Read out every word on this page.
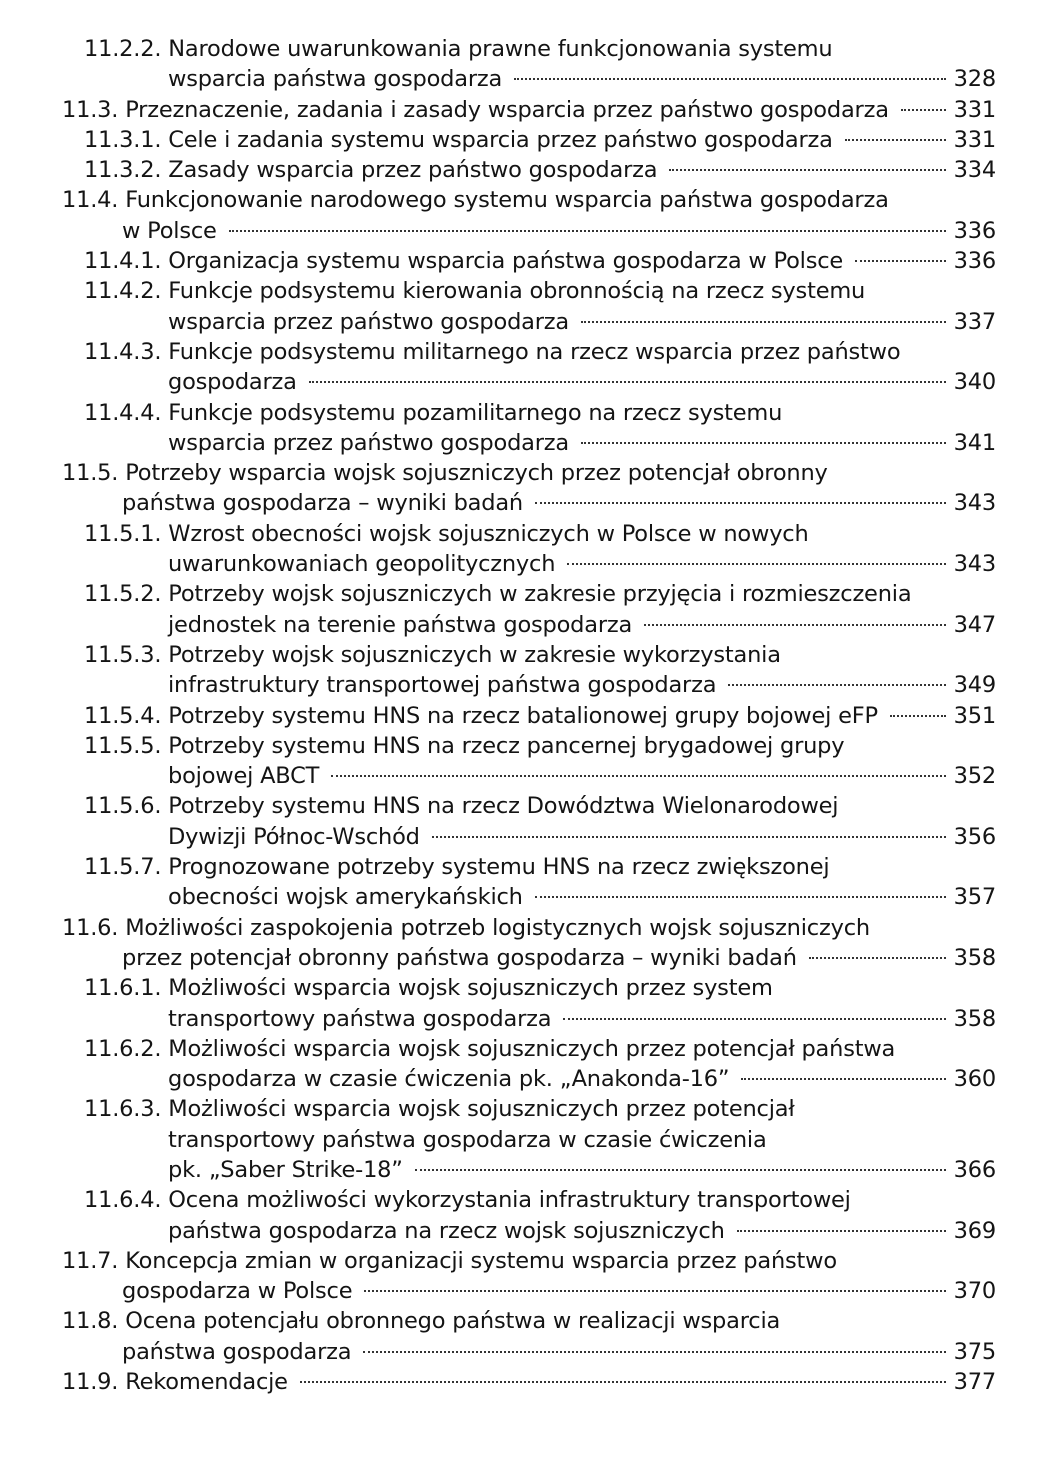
11.2.2. Narodowe uwarunkowania prawne funkcjonowania systemu
wsparcia państwa gospodarza	328
11.3. Przeznaczenie, zadania i zasady wsparcia przez państwo gospodarza	331
11.3.1. Cele i zadania systemu wsparcia przez państwo gospodarza	331
11.3.2. Zasady wsparcia przez państwo gospodarza	334
11.4. Funkcjonowanie narodowego systemu wsparcia państwa gospodarza
w Polsce	336
11.4.1. Organizacja systemu wsparcia państwa gospodarza w Polsce	336
11.4.2. Funkcje podsystemu kierowania obronnością na rzecz systemu
wsparcia przez państwo gospodarza	337
11.4.3. Funkcje podsystemu militarnego na rzecz wsparcia przez państwo
gospodarza	340
11.4.4. Funkcje podsystemu pozamilitarnego na rzecz systemu
wsparcia przez państwo gospodarza	341
11.5. Potrzeby wsparcia wojsk sojuszniczych przez potencjał obronny
państwa gospodarza – wyniki badań	343
11.5.1. Wzrost obecności wojsk sojuszniczych w Polsce w nowych
uwarunkowaniach geopolitycznych	343
11.5.2. Potrzeby wojsk sojuszniczych w zakresie przyjęcia i rozmieszczenia
jednostek na terenie państwa gospodarza	347
11.5.3. Potrzeby wojsk sojuszniczych w zakresie wykorzystania
infrastruktury transportowej państwa gospodarza	349
11.5.4. Potrzeby systemu HNS na rzecz batalionowej grupy bojowej eFP	351
11.5.5. Potrzeby systemu HNS na rzecz pancernej brygadowej grupy
bojowej ABCT	352
11.5.6. Potrzeby systemu HNS na rzecz Dowództwa Wielonarodowej
Dywizji Północ-Wschód	356
11.5.7. Prognozowane potrzeby systemu HNS na rzecz zwiększonej
obecności wojsk amerykańskich	357
11.6. Możliwości zaspokojenia potrzeb logistycznych wojsk sojuszniczych
przez potencjał obronny państwa gospodarza – wyniki badań	358
11.6.1. Możliwości wsparcia wojsk sojuszniczych przez system
transportowy państwa gospodarza	358
11.6.2. Możliwości wsparcia wojsk sojuszniczych przez potencjał państwa
gospodarza w czasie ćwiczenia pk. „Anakonda-16”	360
11.6.3. Możliwości wsparcia wojsk sojuszniczych przez potencjał
transportowy państwa gospodarza w czasie ćwiczenia
pk. „Saber Strike-18”	366
11.6.4. Ocena możliwości wykorzystania infrastruktury transportowej
państwa gospodarza na rzecz wojsk sojuszniczych	369
11.7. Koncepcja zmian w organizacji systemu wsparcia przez państwo
gospodarza w Polsce	370
11.8. Ocena potencjału obronnego państwa w realizacji wsparcia
państwa gospodarza	375
11.9. Rekomendacje	377
